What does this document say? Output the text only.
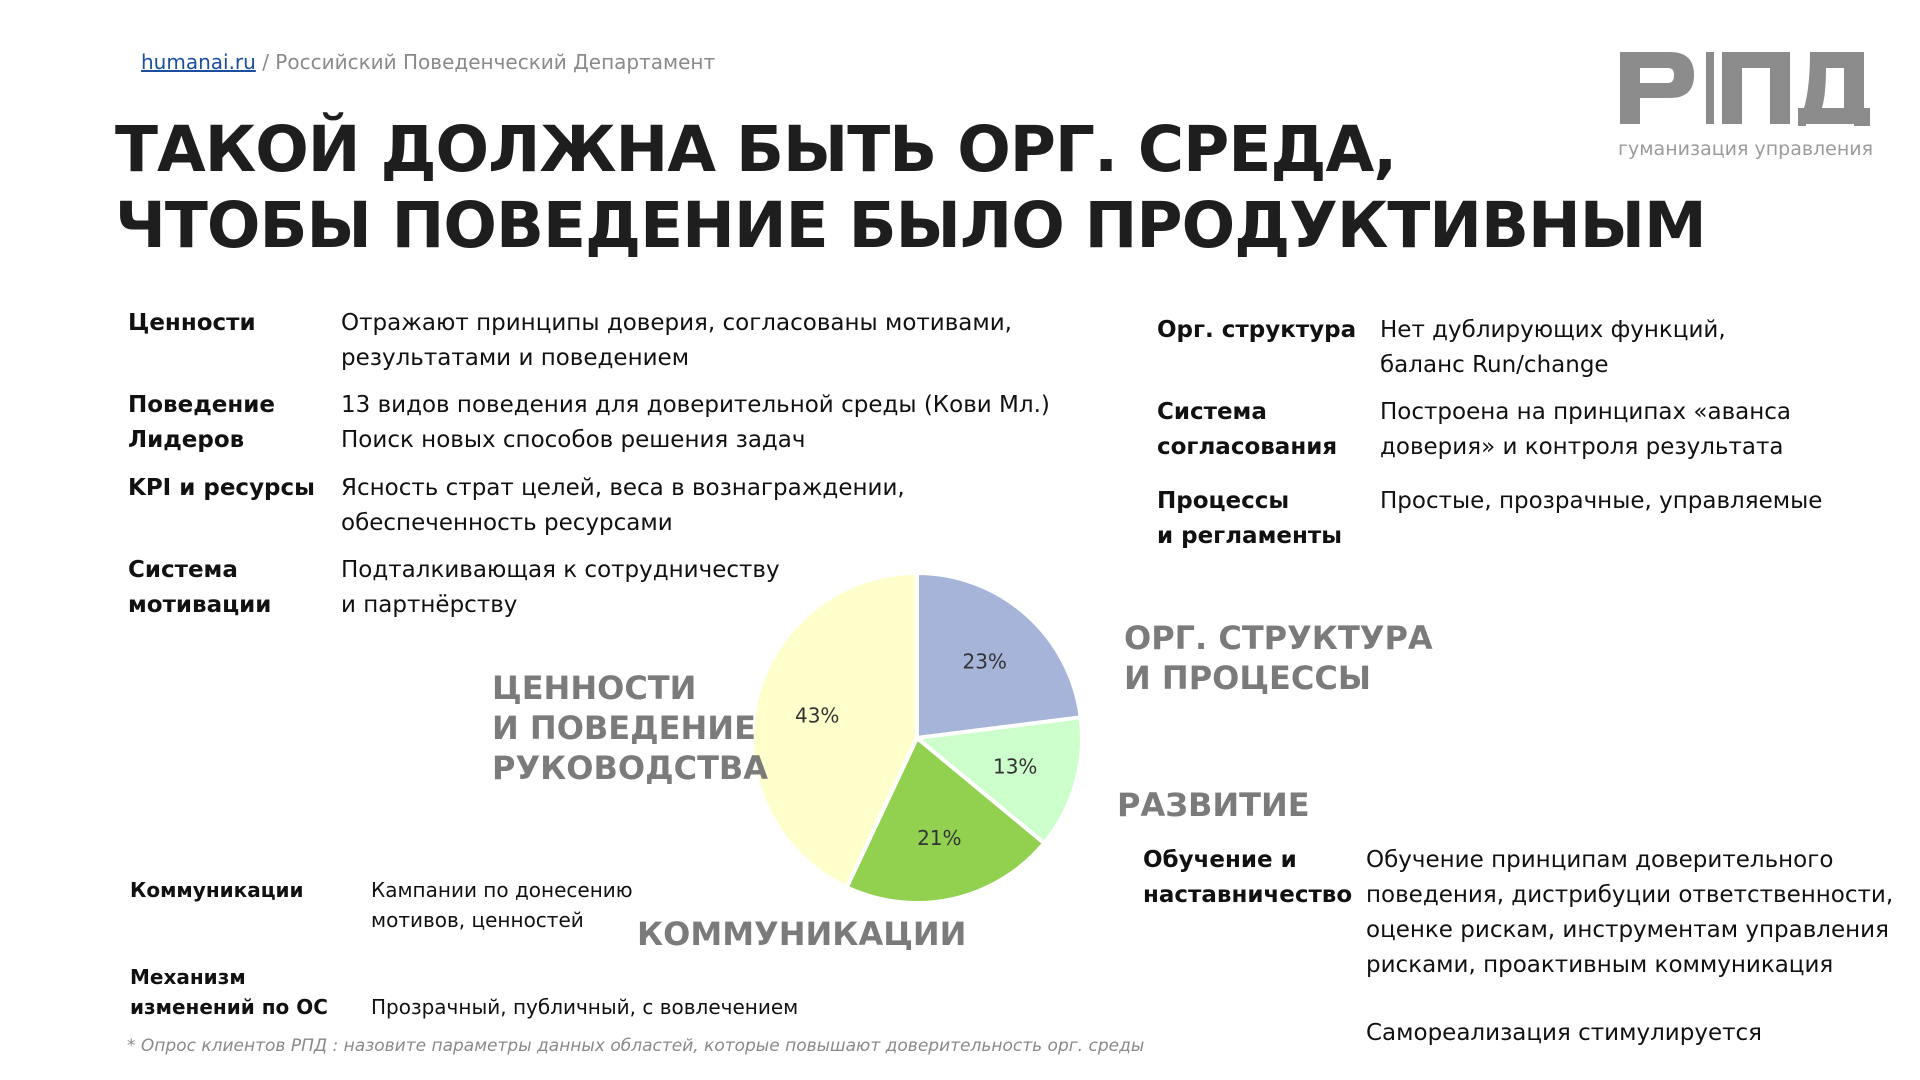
humanai.ru / Российский Поведенческий Департамент
ТАКОЙ ДОЛЖНА БЫТЬ ОРГ. СРЕДА,
ЧТОБЫ ПОВЕДЕНИЕ БЫЛО ПРОДУКТИВНЫМ
гуманизация управления
Ценности	Отражают принципы доверия, согласованы мотивами,
результатами и поведением
Поведение
Лидеров
13 видов поведения для доверительной среды (Кови Мл.)
Поиск новых способов решения задач
KPI и ресурсы Ясность страт целей, веса в вознаграждении,
обеспеченность ресурсами
Система
мотивации
Подталкивающая к сотрудничеству
и партнёрству
Орг. структура Нет дублирующих функций,
баланс Run/change
Система
согласования
Построена на принципах «аванса
доверия» и контроля результата
Процессы
и регламенты
Простые, прозрачные, управляемые
23%
13%
21%
43%
ОРГ. СТРУКТУРА
И ПРОЦЕССЫ
РАЗВИТИЕ
КОММУНИКАЦИИ
ЦЕННОСТИ
И ПОВЕДЕНИЕ
РУКОВОДСТВА
Коммуникации	Кампании по донесению
мотивов, ценностей
Механизм
изменений по ОС Прозрачный, публичный, с вовлечением
Обучение и
наставничество
Обучение принципам доверительного
поведения, дистрибуции ответственности,
оценке рискам, инструментам управления
рисками, проактивным коммуникация
Самореализация стимулируется
* Опрос клиентов РПД : назовите параметры данных областей, которые повышают доверительность орг. среды
